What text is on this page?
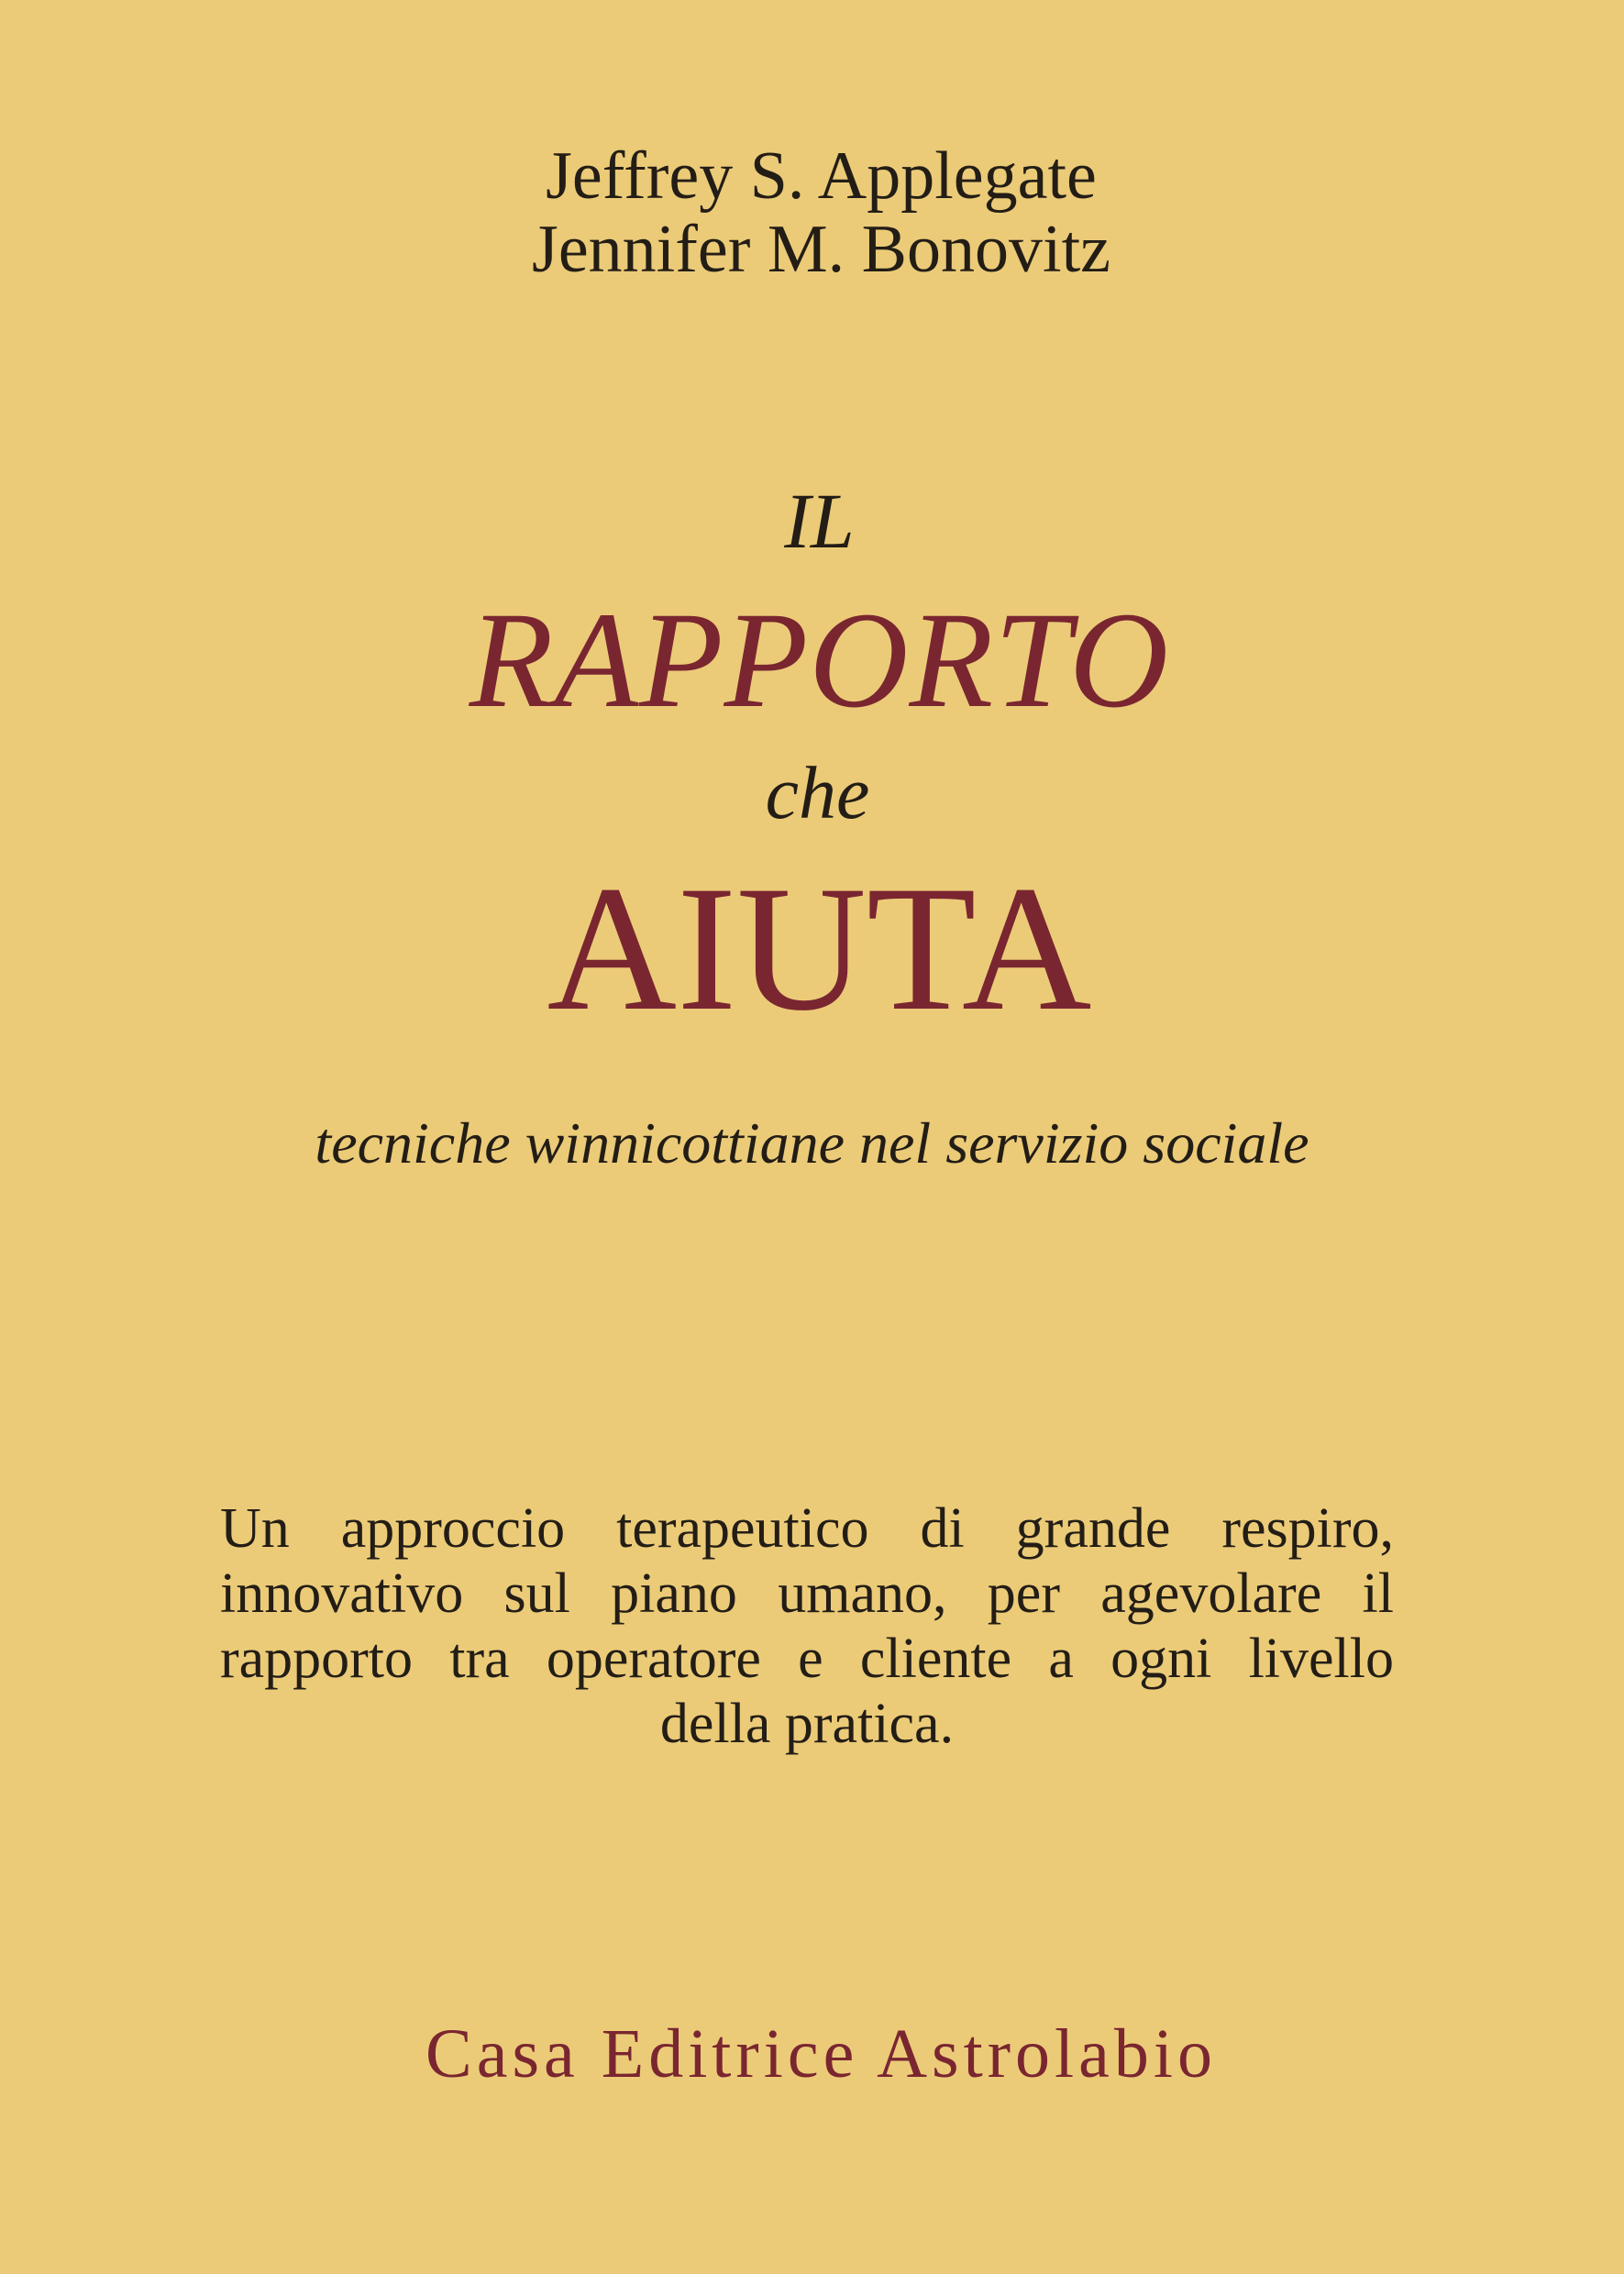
Jeffrey S. Applegate
Jennifer M. Bonovitz
IL
RAPPORTO
che
AIUTA
tecniche winnicottiane nel servizio sociale
Un approccio terapeutico di grande respiro,
innovativo sul piano umano, per agevolare il
rapporto tra operatore e cliente a ogni livello
della pratica.
Casa Editrice Astrolabio
